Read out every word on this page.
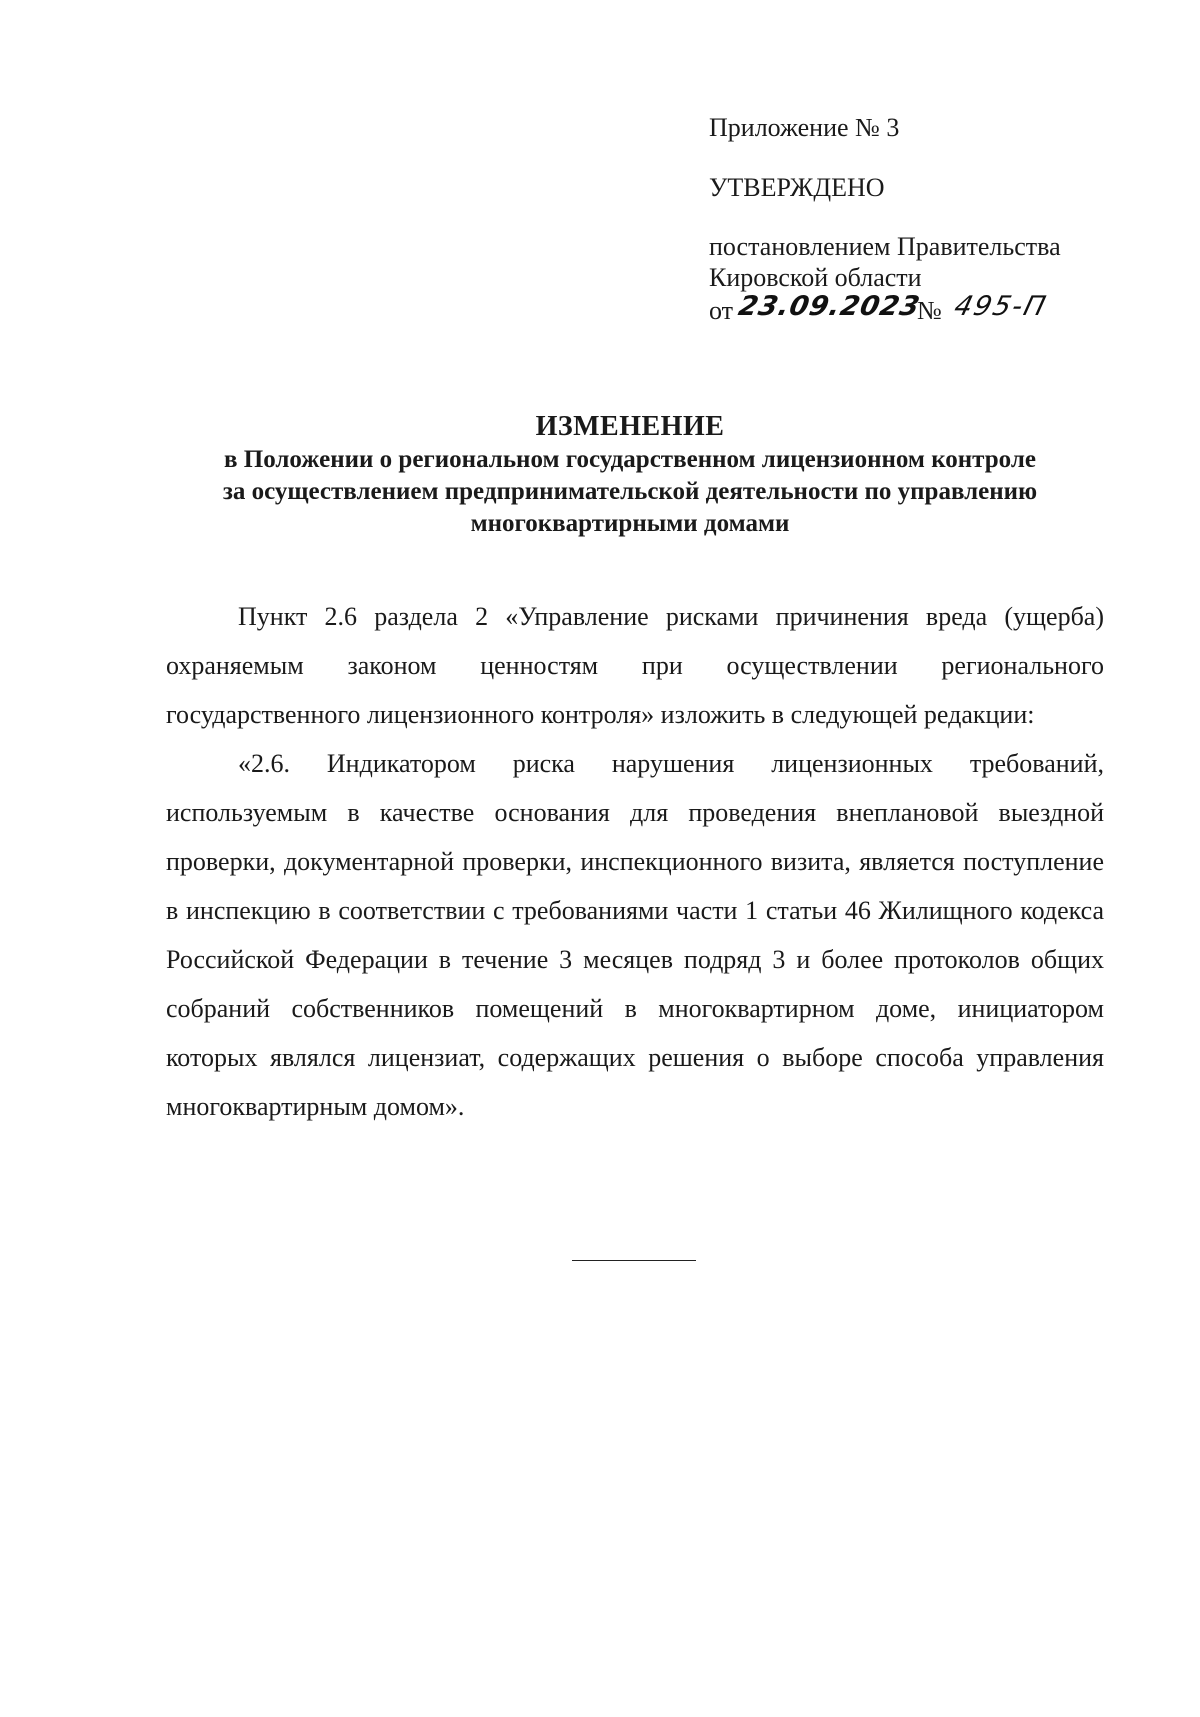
Приложение № 3
УТВЕРЖДЕНО
постановлением Правительства
Кировской области
от 23.09.2023
№ 495-П
ИЗМЕНЕНИЕ
в Положении о региональном государственном лицензионном контроле
за осуществлением предпринимательской деятельности по управлению
многоквартирными домами

Пункт 2.6 раздела 2 «Управление рисками причинения вреда (ущерба) охраняемым законом ценностям при осуществлении регионального государственного лицензионного контроля» изложить в следующей редакции:

«2.6. Индикатором риска нарушения лицензионных требований, используемым в качестве основания для проведения внеплановой выездной проверки, документарной проверки, инспекционного визита, является поступление в инспекцию в соответствии с требованиями части 1 статьи 46 Жилищного кодекса Российской Федерации в течение 3 месяцев подряд 3 и более протоколов общих собраний собственников помещений в многоквартирном доме, инициатором которых являлся лицензиат, содержащих решения о выборе способа управления многоквартирным домом».
